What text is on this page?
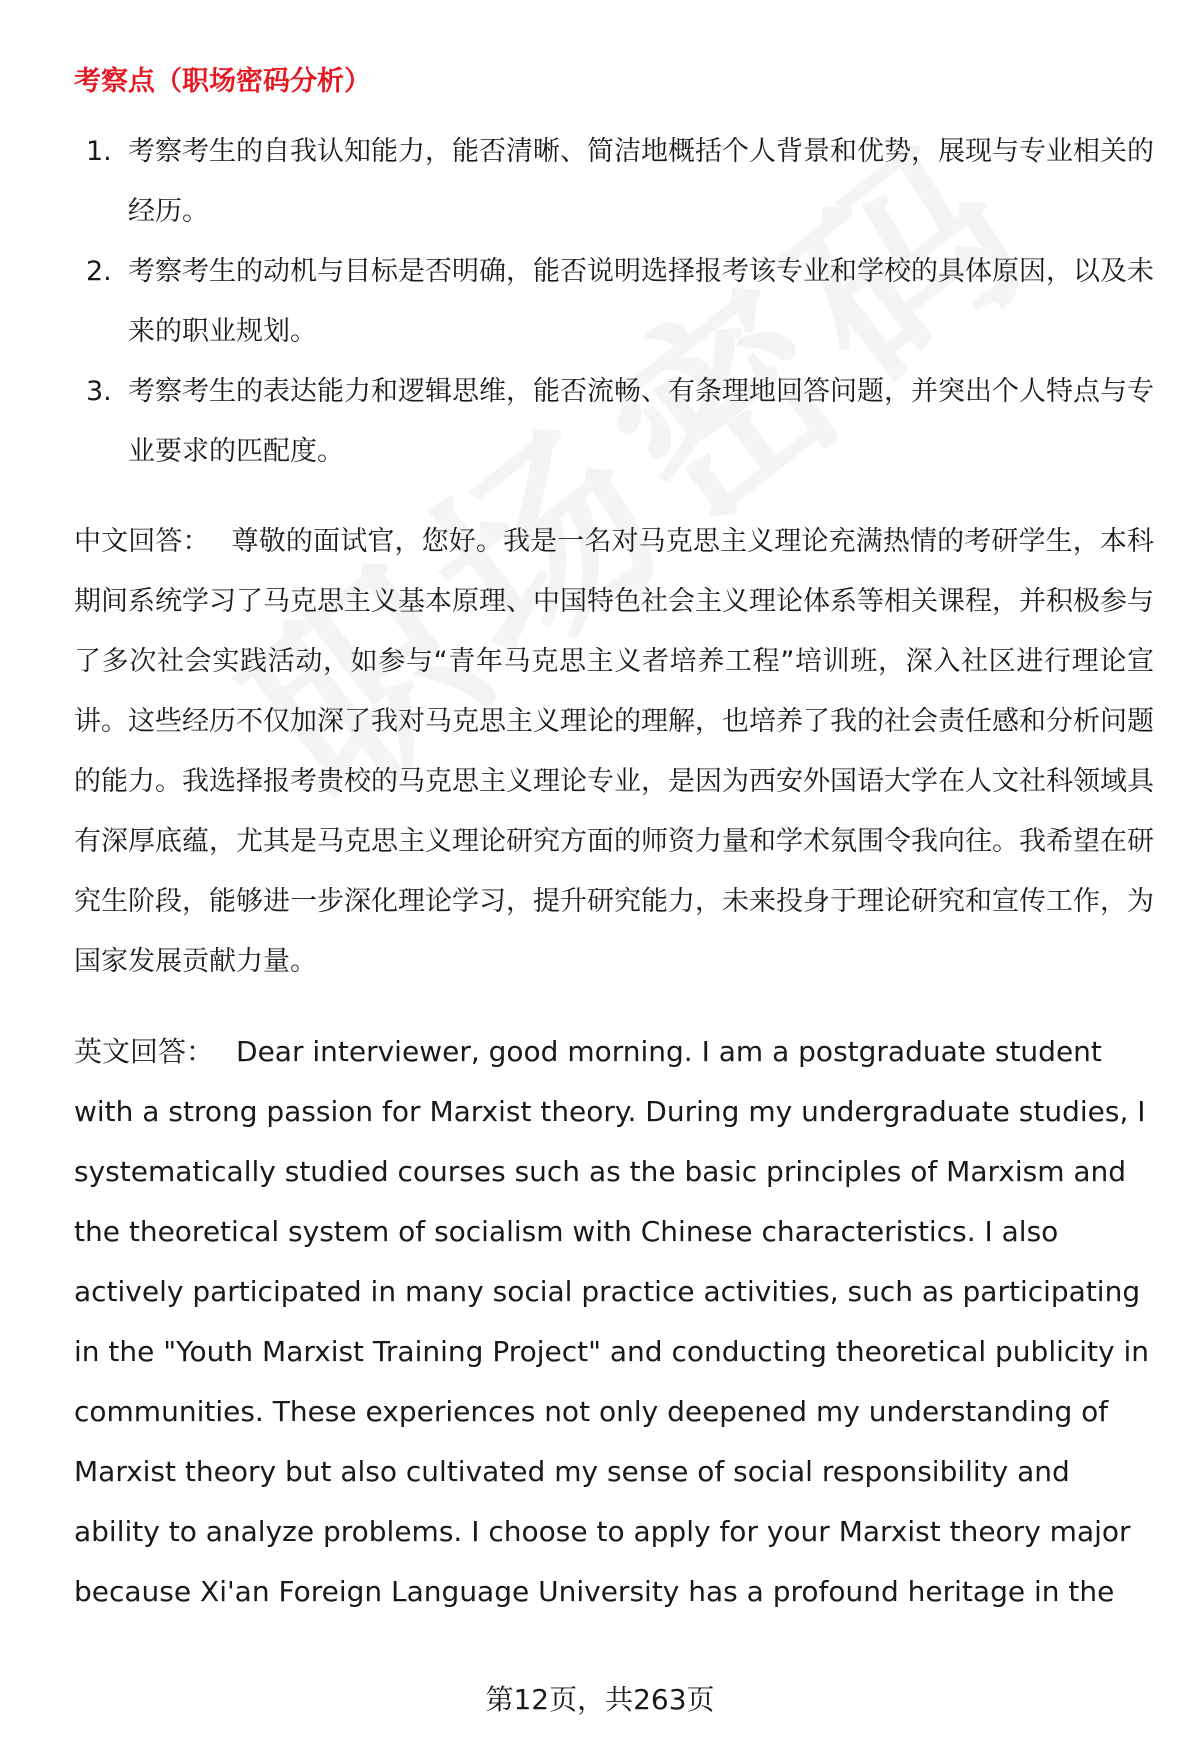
考察点（职场密码分析）
1. 考察考生的自我认知能力，能否清晰、简洁地概括个人背景和优势，展现与专业相关的经历。
2. 考察考生的动机与目标是否明确，能否说明选择报考该专业和学校的具体原因，以及未来的职业规划。
3. 考察考生的表达能力和逻辑思维，能否流畅、有条理地回答问题，并突出个人特点与专业要求的匹配度。

中文回答： 尊敬的面试官，您好。我是一名对马克思主义理论充满热情的考研学生，本科期间系统学习了马克思主义基本原理、中国特色社会主义理论体系等相关课程，并积极参与了多次社会实践活动，如参与“青年马克思主义者培养工程”培训班，深入社区进行理论宣讲。这些经历不仅加深了我对马克思主义理论的理解，也培养了我的社会责任感和分析问题的能力。我选择报考贵校的马克思主义理论专业，是因为西安外国语大学在人文社科领域具有深厚底蕴，尤其是马克思主义理论研究方面的师资力量和学术氛围令我向往。我希望在研究生阶段，能够进一步深化理论学习，提升研究能力，未来投身于理论研究和宣传工作，为国家发展贡献力量。

英文回答： Dear interviewer, good morning. I am a postgraduate student with a strong passion for Marxist theory. During my undergraduate studies, I systematically studied courses such as the basic principles of Marxism and the theoretical system of socialism with Chinese characteristics. I also actively participated in many social practice activities, such as participating in the "Youth Marxist Training Project" and conducting theoretical publicity in communities. These experiences not only deepened my understanding of Marxist theory but also cultivated my sense of social responsibility and ability to analyze problems. I choose to apply for your Marxist theory major because Xi'an Foreign Language University has a profound heritage in the

第12页，共263页
